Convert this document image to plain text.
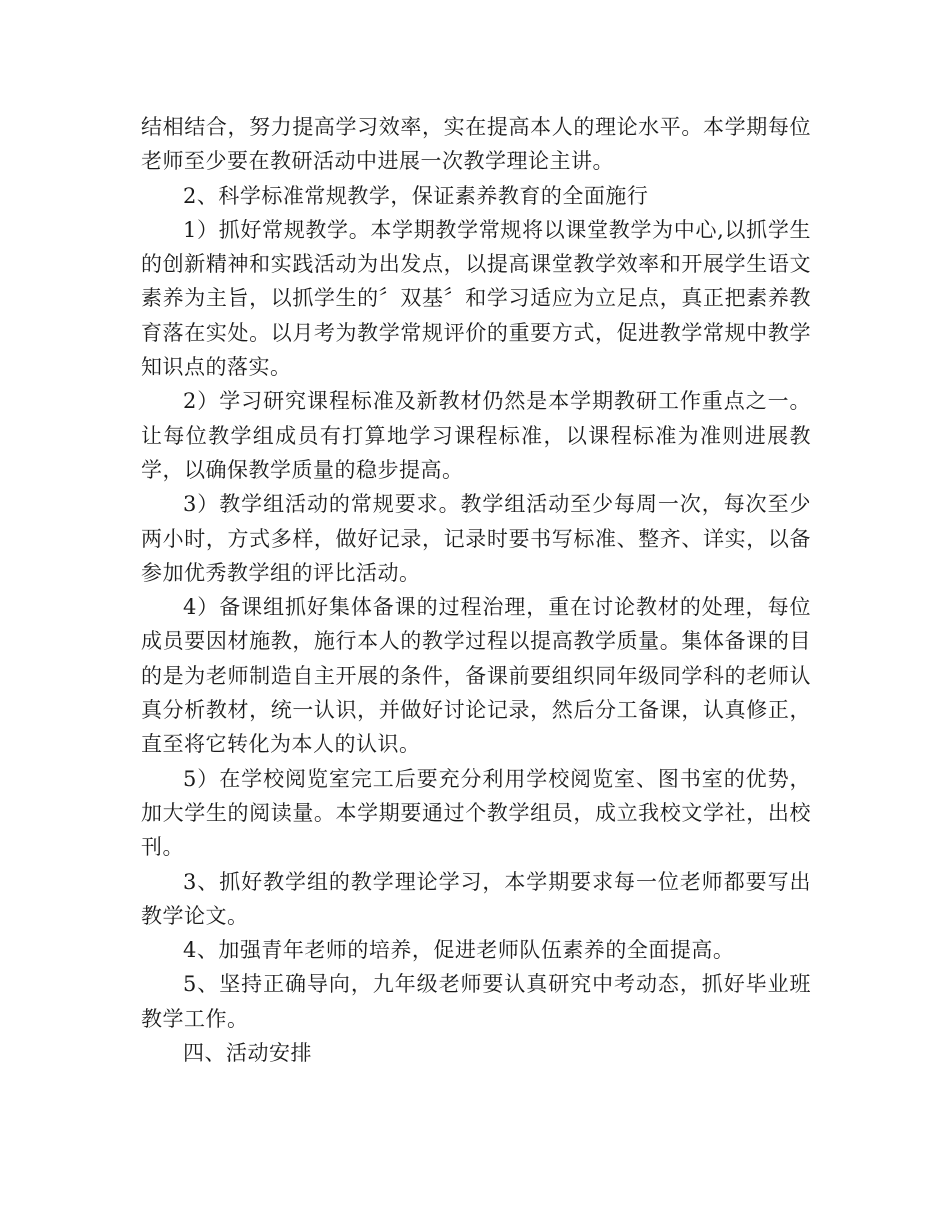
结相结合，努力提高学习效率，实在提高本人的理论水平。本学期每位老师至少要在教研活动中进展一次教学理论主讲。

2、科学标准常规教学，保证素养教育的全面施行

1）抓好常规教学。本学期教学常规将以课堂教学为中心,以抓学生的创新精神和实践活动为出发点，以提高课堂教学效率和开展学生语文素养为主旨，以抓学生的〞双基〞和学习适应为立足点，真正把素养教育落在实处。以月考为教学常规评价的重要方式，促进教学常规中教学知识点的落实。

2）学习研究课程标准及新教材仍然是本学期教研工作重点之一。让每位教学组成员有打算地学习课程标准，以课程标准为准则进展教学，以确保教学质量的稳步提高。

3）教学组活动的常规要求。教学组活动至少每周一次，每次至少两小时，方式多样，做好记录，记录时要书写标准、整齐、详实，以备参加优秀教学组的评比活动。

4）备课组抓好集体备课的过程治理，重在讨论教材的处理，每位成员要因材施教，施行本人的教学过程以提高教学质量。集体备课的目的是为老师制造自主开展的条件，备课前要组织同年级同学科的老师认真分析教材，统一认识，并做好讨论记录，然后分工备课，认真修正，直至将它转化为本人的认识。

5）在学校阅览室完工后要充分利用学校阅览室、图书室的优势，加大学生的阅读量。本学期要通过个教学组员，成立我校文学社，出校刊。

3、抓好教学组的教学理论学习，本学期要求每一位老师都要写出教学论文。

4、加强青年老师的培养，促进老师队伍素养的全面提高。

5、坚持正确导向，九年级老师要认真研究中考动态，抓好毕业班教学工作。

四、活动安排
